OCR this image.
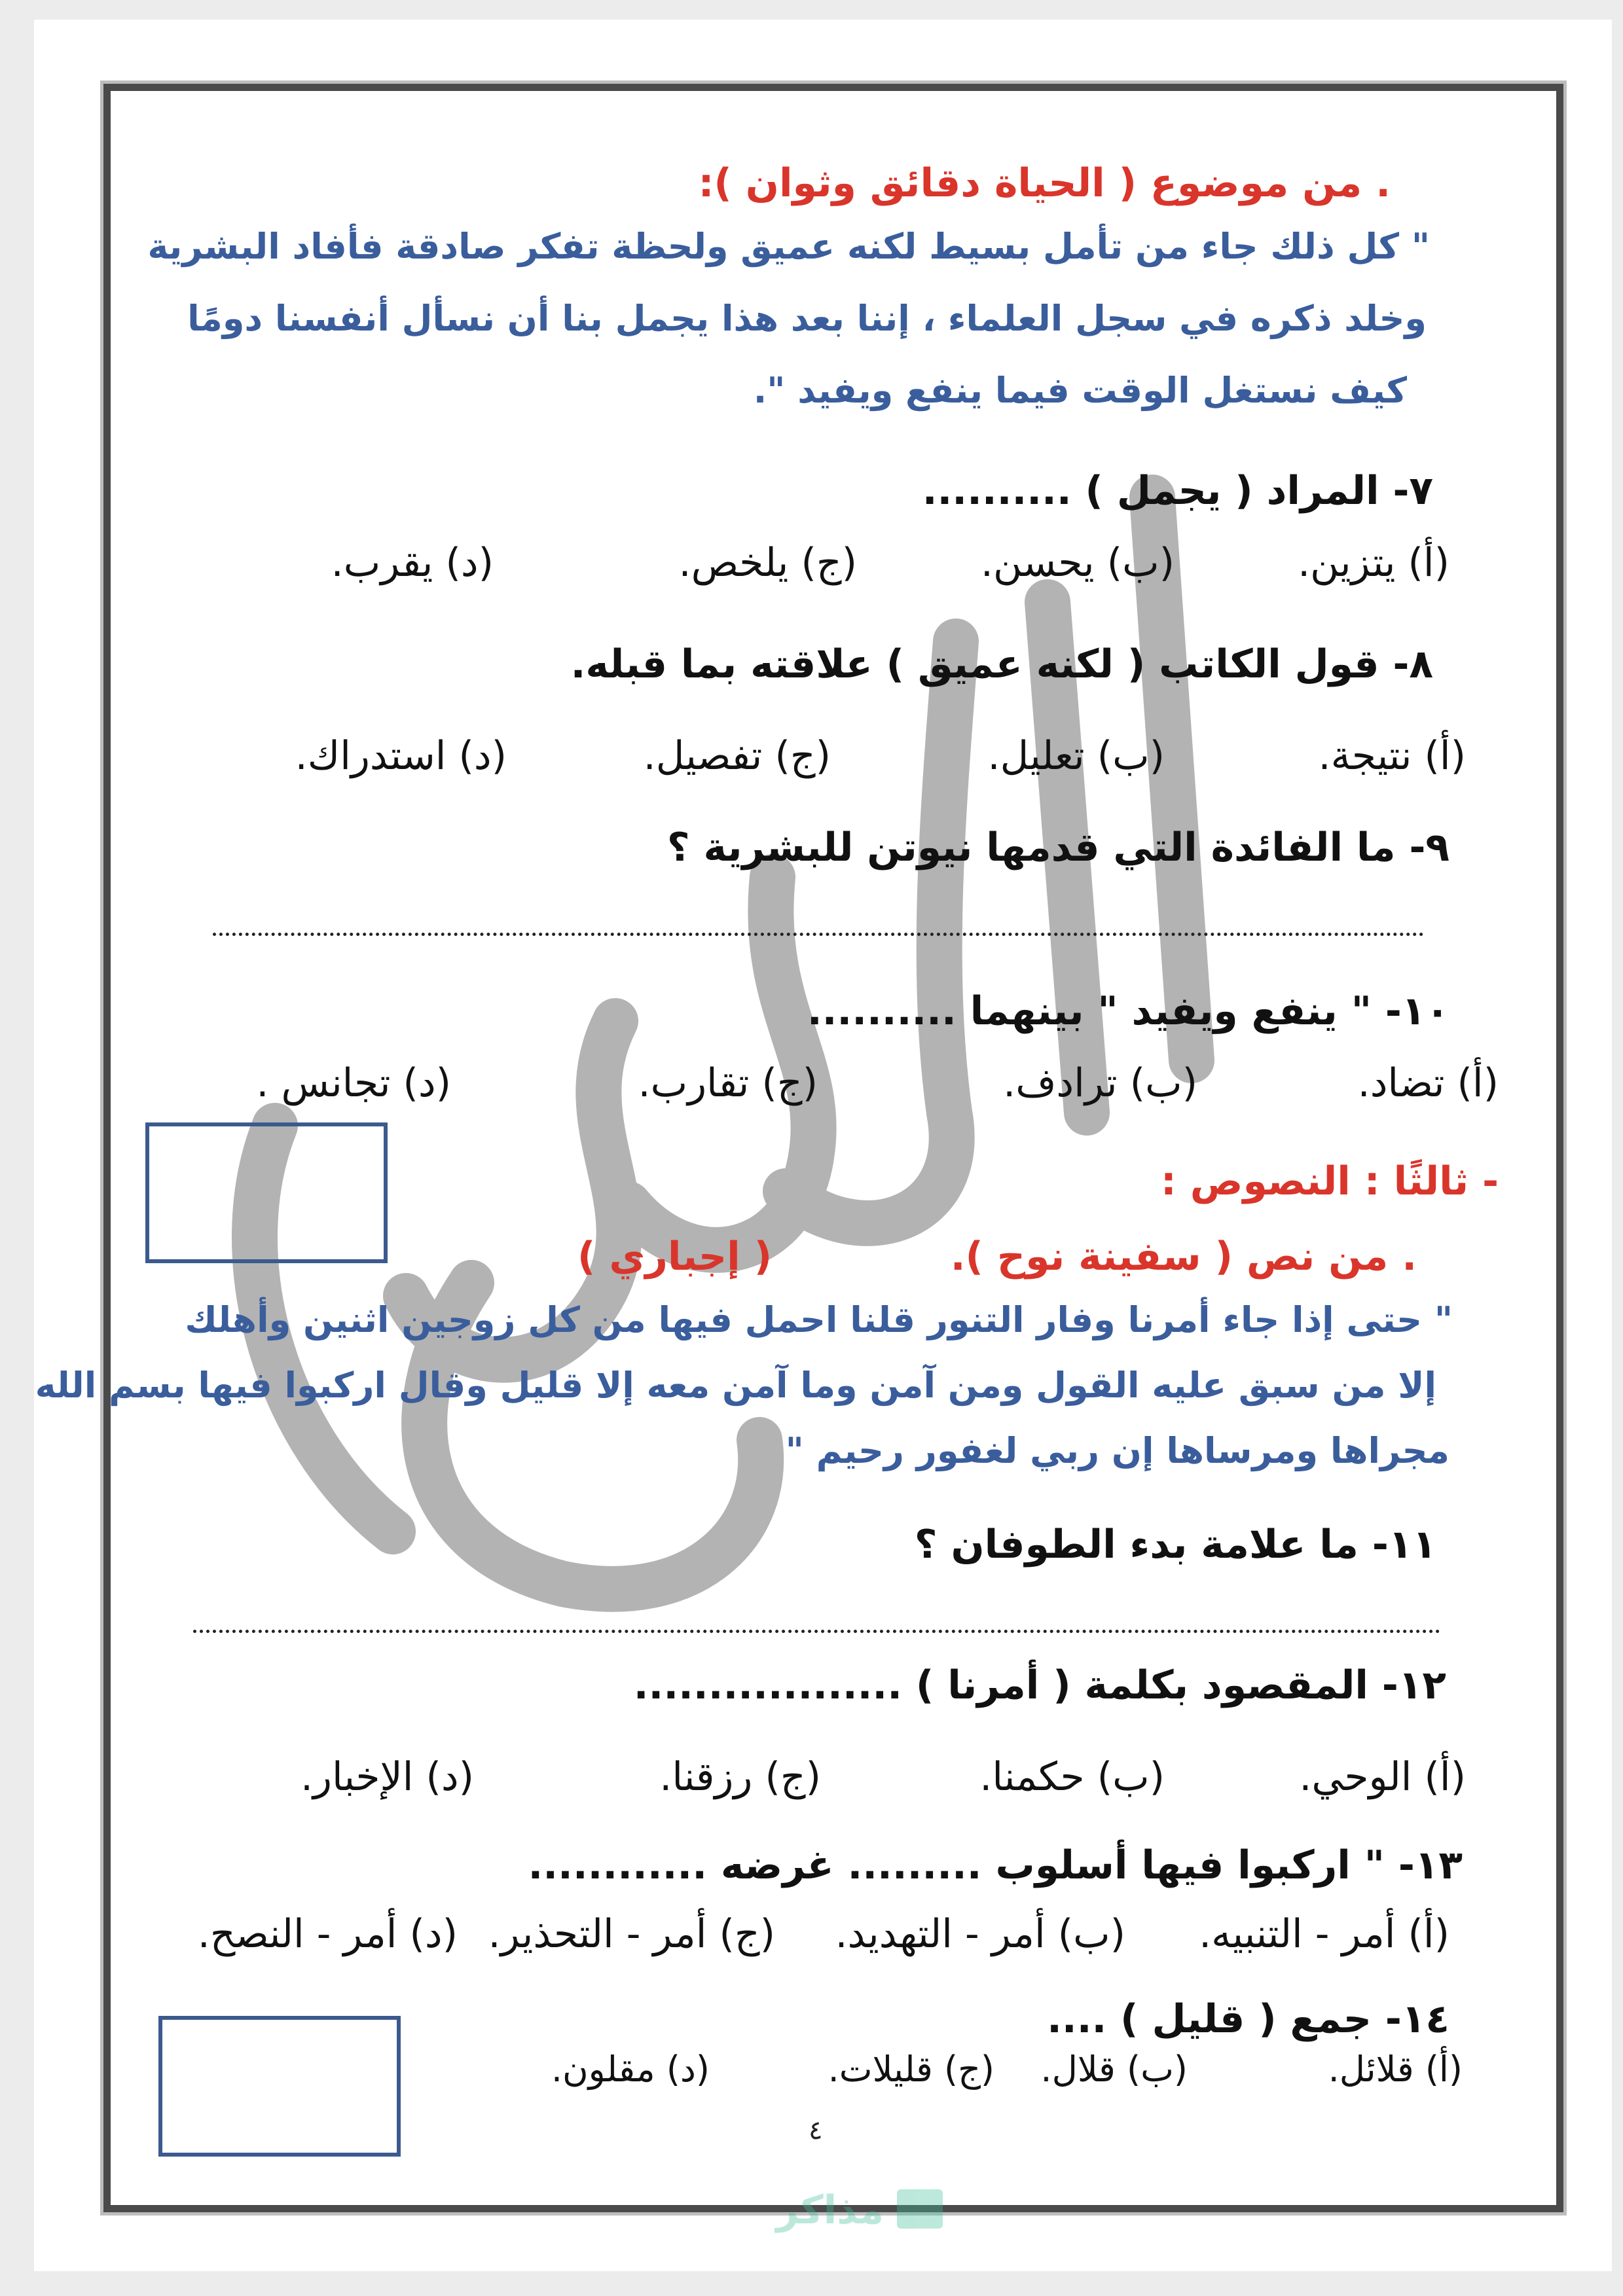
. من موضوع ( الحياة دقائق وثوان ):
" كل ذلك جاء من تأمل بسيط لكنه عميق ولحظة تفكر صادقة فأفاد البشرية
وخلد ذكره في سجل العلماء ، إننا بعد هذا يجمل بنا أن نسأل أنفسنا دومًا
كيف نستغل الوقت فيما ينفع ويفيد ".
٧- المراد ( يجمل ) ..........
(أ) يتزين.
(ب) يحسن.
(ج) يلخص.
(د) يقرب.
٨- قول الكاتب ( لكنه عميق ) علاقته بما قبله.
(أ) نتيجة.
(ب) تعليل.
(ج) تفصيل.
(د) استدراك.
٩- ما الفائدة التي قدمها نيوتن للبشرية ؟
١٠- " ينفع ويفيد " بينهما ..........
(أ) تضاد.
(ب) ترادف.
(ج) تقارب.
(د) تجانس .
- ثالثًا : النصوص :
. من نص ( سفينة نوح ).
( إجباري )
" حتى إذا جاء أمرنا وفار التنور قلنا احمل فيها من كل زوجين اثنين وأهلك
إلا من سبق عليه القول ومن آمن وما آمن معه إلا قليل وقال اركبوا فيها بسم الله
مجراها ومرساها إن ربي لغفور رحيم "
١١- ما علامة بدء الطوفان ؟
١٢- المقصود بكلمة ( أمرنا ) ..................
(أ) الوحي.
(ب) حكمنا.
(ج) رزقنا.
(د) الإخبار.
١٣- " اركبوا فيها أسلوب ......... غرضه ............
(أ) أمر - التنبيه.
(ب) أمر - التهديد.
(ج) أمر - التحذير.
(د) أمر - النصح.
١٤- جمع ( قليل ) ....
(أ) قلائل.
(ب) قلال.
(ج) قليلات.
(د) مقلون.
٤
مذاكر
